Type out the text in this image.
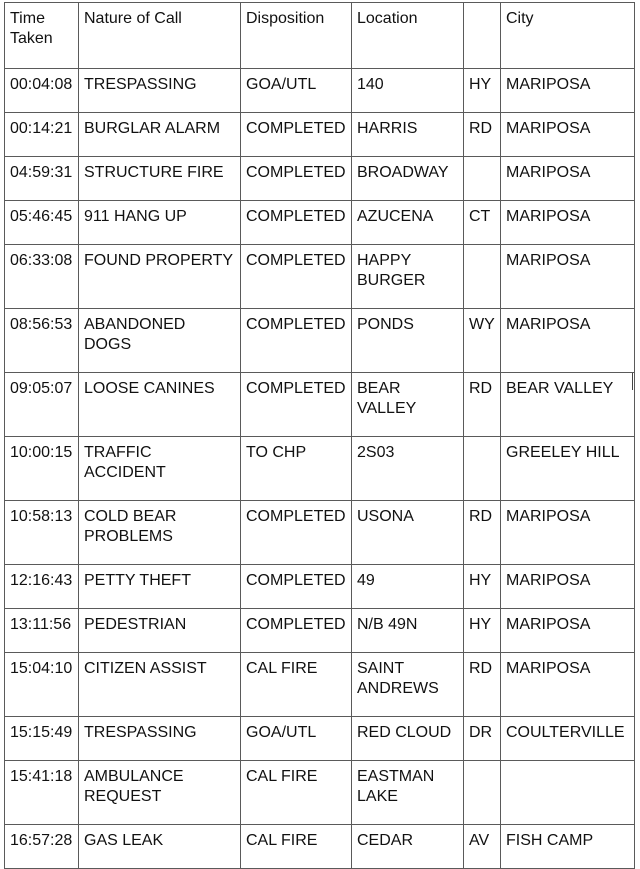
Time Taken	Nature of Call	Disposition	Location		City
00:04:08	TRESPASSING	GOA/UTL	140	HY	MARIPOSA
00:14:21	BURGLAR ALARM	COMPLETED	HARRIS	RD	MARIPOSA
04:59:31	STRUCTURE FIRE	COMPLETED	BROADWAY		MARIPOSA
05:46:45	911 HANG UP	COMPLETED	AZUCENA	CT	MARIPOSA
06:33:08	FOUND PROPERTY	COMPLETED	HAPPY BURGER		MARIPOSA
08:56:53	ABANDONED DOGS	COMPLETED	PONDS	WY	MARIPOSA
09:05:07	LOOSE CANINES	COMPLETED	BEAR VALLEY	RD	BEAR VALLEY
10:00:15	TRAFFIC ACCIDENT	TO CHP	2S03		GREELEY HILL
10:58:13	COLD BEAR PROBLEMS	COMPLETED	USONA	RD	MARIPOSA
12:16:43	PETTY THEFT	COMPLETED	49	HY	MARIPOSA
13:11:56	PEDESTRIAN	COMPLETED	N/B 49N	HY	MARIPOSA
15:04:10	CITIZEN ASSIST	CAL FIRE	SAINT ANDREWS	RD	MARIPOSA
15:15:49	TRESPASSING	GOA/UTL	RED CLOUD	DR	COULTERVILLE
15:41:18	AMBULANCE REQUEST	CAL FIRE	EASTMAN LAKE		
16:57:28	GAS LEAK	CAL FIRE	CEDAR	AV	FISH CAMP
